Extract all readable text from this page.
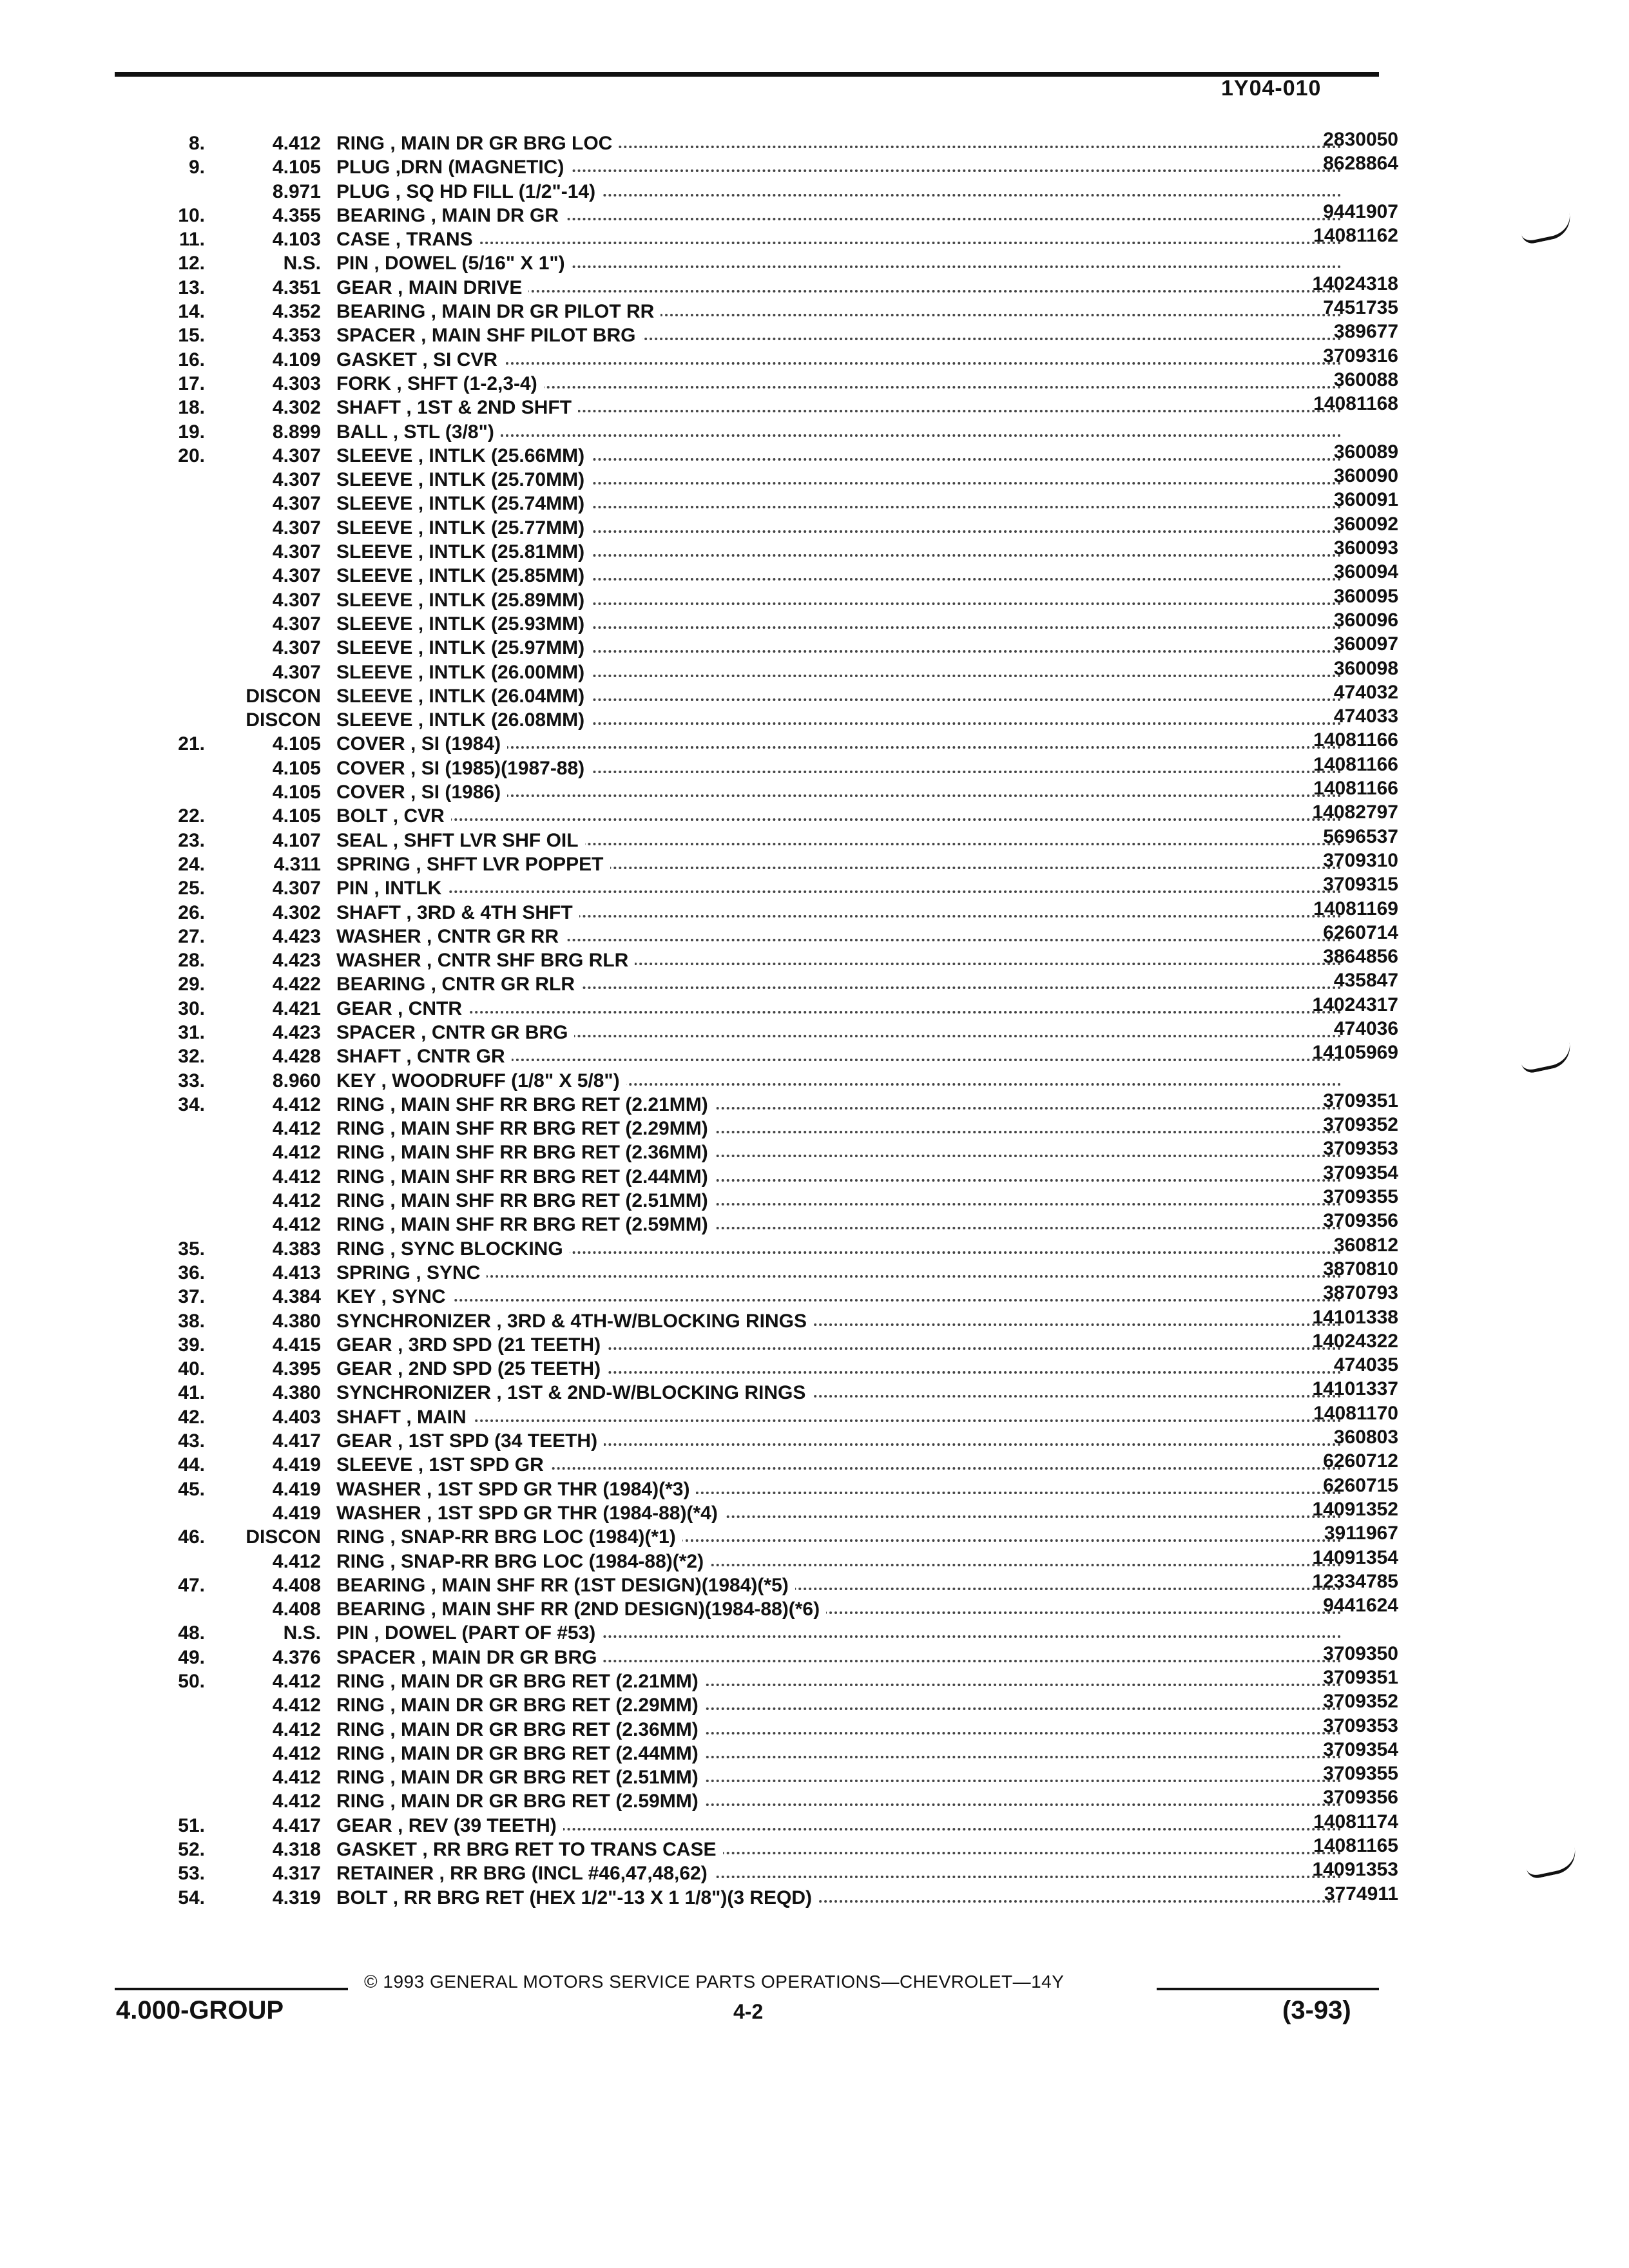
1Y04-010
8.	4.412 RING , MAIN DR GR BRG LOC	2830050
9.	4.105 PLUG ,DRN (MAGNETIC)	8628864
8.971 PLUG , SQ HD FILL (1/2"-14)
10.	4.355 BEARING , MAIN DR GR	9441907
11.	4.103 CASE , TRANS	14081162
12.	N.S. PIN , DOWEL (5/16" X 1")
13.	4.351 GEAR , MAIN DRIVE	14024318
14.	4.352 BEARING , MAIN DR GR PILOT RR	7451735
15.	4.353 SPACER , MAIN SHF PILOT BRG	389677
16.	4.109 GASKET , SI CVR	3709316
17.	4.303 FORK , SHFT (1-2,3-4)	360088
18.	4.302 SHAFT , 1ST & 2ND SHFT	14081168
19.	8.899 BALL , STL (3/8")
20.	4.307 SLEEVE , INTLK (25.66MM)	360089
4.307 SLEEVE , INTLK (25.70MM)	360090
4.307 SLEEVE , INTLK (25.74MM)	360091
4.307 SLEEVE , INTLK (25.77MM)	360092
4.307 SLEEVE , INTLK (25.81MM)	360093
4.307 SLEEVE , INTLK (25.85MM)	360094
4.307 SLEEVE , INTLK (25.89MM)	360095
4.307 SLEEVE , INTLK (25.93MM)	360096
4.307 SLEEVE , INTLK (25.97MM)	360097
4.307 SLEEVE , INTLK (26.00MM)	360098
DISCON SLEEVE , INTLK (26.04MM)	474032
DISCON SLEEVE , INTLK (26.08MM)	474033
21.	4.105 COVER , SI (1984)	14081166
4.105 COVER , SI (1985)(1987-88)	14081166
4.105 COVER , SI (1986)	14081166
22.	4.105 BOLT , CVR	14082797
23.	4.107 SEAL , SHFT LVR SHF OIL	5696537
24.	4.311 SPRING , SHFT LVR POPPET	3709310
25.	4.307 PIN , INTLK	3709315
26.	4.302 SHAFT , 3RD & 4TH SHFT	14081169
27.	4.423 WASHER , CNTR GR RR	6260714
28.	4.423 WASHER , CNTR SHF BRG RLR	3864856
29.	4.422 BEARING , CNTR GR RLR	435847
30.	4.421 GEAR , CNTR	14024317
31.	4.423 SPACER , CNTR GR BRG	474036
32.	4.428 SHAFT , CNTR GR	14105969
33.	8.960 KEY , WOODRUFF (1/8" X 5/8")
34.	4.412 RING , MAIN SHF RR BRG RET (2.21MM)	3709351
4.412 RING , MAIN SHF RR BRG RET (2.29MM)	3709352
4.412 RING , MAIN SHF RR BRG RET (2.36MM)	3709353
4.412 RING , MAIN SHF RR BRG RET (2.44MM)	3709354
4.412 RING , MAIN SHF RR BRG RET (2.51MM)	3709355
4.412 RING , MAIN SHF RR BRG RET (2.59MM)	3709356
35.	4.383 RING , SYNC BLOCKING	360812
36.	4.413 SPRING , SYNC	3870810
37.	4.384 KEY , SYNC	3870793
38.	4.380 SYNCHRONIZER , 3RD & 4TH-W/BLOCKING RINGS	14101338
39.	4.415 GEAR , 3RD SPD (21 TEETH)	14024322
40.	4.395 GEAR , 2ND SPD (25 TEETH)	474035
41.	4.380 SYNCHRONIZER , 1ST & 2ND-W/BLOCKING RINGS	14101337
42.	4.403 SHAFT , MAIN	14081170
43.	4.417 GEAR , 1ST SPD (34 TEETH)	360803
44.	4.419 SLEEVE , 1ST SPD GR	6260712
45.	4.419 WASHER , 1ST SPD GR THR (1984)(*3)	6260715
4.419 WASHER , 1ST SPD GR THR (1984-88)(*4)	14091352
46.	DISCON RING , SNAP-RR BRG LOC (1984)(*1)	3911967
4.412 RING , SNAP-RR BRG LOC (1984-88)(*2)	14091354
47.	4.408 BEARING , MAIN SHF RR (1ST DESIGN)(1984)(*5)	12334785
4.408 BEARING , MAIN SHF RR (2ND DESIGN)(1984-88)(*6)	9441624
48.	N.S. PIN , DOWEL (PART OF #53)
49.	4.376 SPACER , MAIN DR GR BRG	3709350
50.	4.412 RING , MAIN DR GR BRG RET (2.21MM)	3709351
4.412 RING , MAIN DR GR BRG RET (2.29MM)	3709352
4.412 RING , MAIN DR GR BRG RET (2.36MM)	3709353
4.412 RING , MAIN DR GR BRG RET (2.44MM)	3709354
4.412 RING , MAIN DR GR BRG RET (2.51MM)	3709355
4.412 RING , MAIN DR GR BRG RET (2.59MM)	3709356
51.	4.417 GEAR , REV (39 TEETH)	14081174
52.	4.318 GASKET , RR BRG RET TO TRANS CASE	14081165
53.	4.317 RETAINER , RR BRG (INCL #46,47,48,62)	14091353
54.	4.319 BOLT , RR BRG RET (HEX 1/2"-13 X 1 1/8")(3 REQD)	3774911
© 1993 GENERAL MOTORS SERVICE PARTS OPERATIONS—CHEVROLET—14Y
4.000-GROUP	4-2	(3-93)
